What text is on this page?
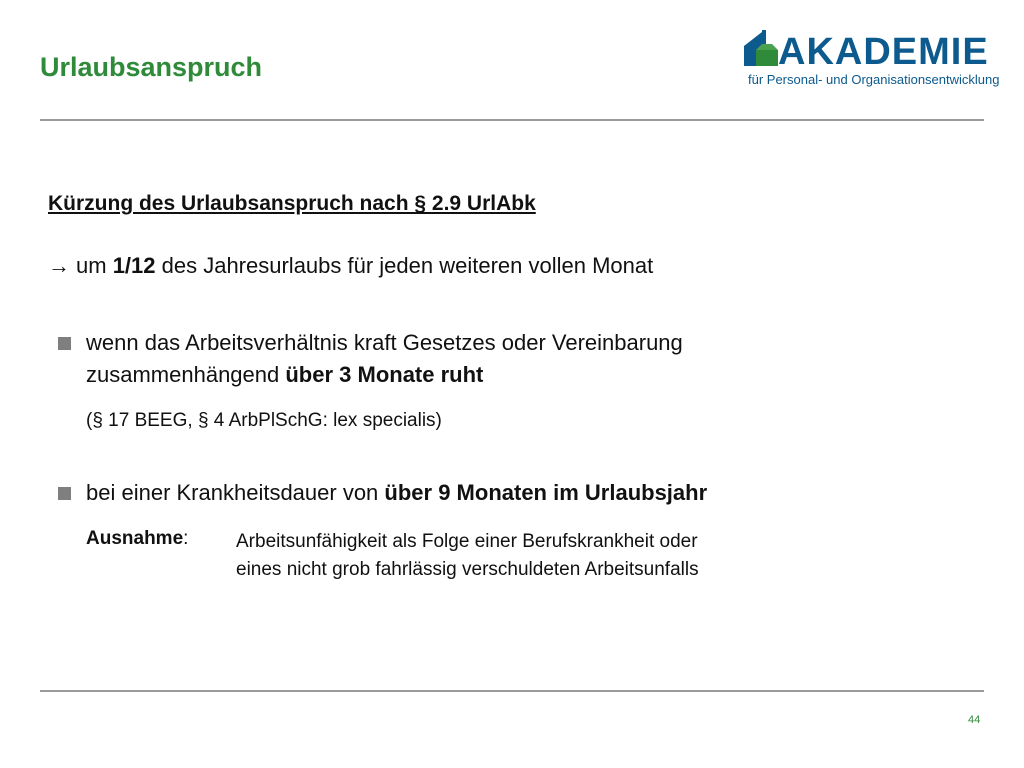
Urlaubsanspruch	AKADEMIE
für Personal- und Organisationsentwicklung
Kürzung des Urlaubsanspruch nach § 2.9 UrlAbk
→ um 1/12 des Jahresurlaubs für jeden weiteren vollen Monat
wenn das Arbeitsverhältnis kraft Gesetzes oder Vereinbarung
zusammenhängend über 3 Monate ruht
(§ 17 BEEG, § 4 ArbPlSchG: lex specialis)
bei einer Krankheitsdauer von über 9 Monaten im Urlaubsjahr
Ausnahme:	Arbeitsunfähigkeit als Folge einer Berufskrankheit oder
eines nicht grob fahrlässig verschuldeten Arbeitsunfalls
44
